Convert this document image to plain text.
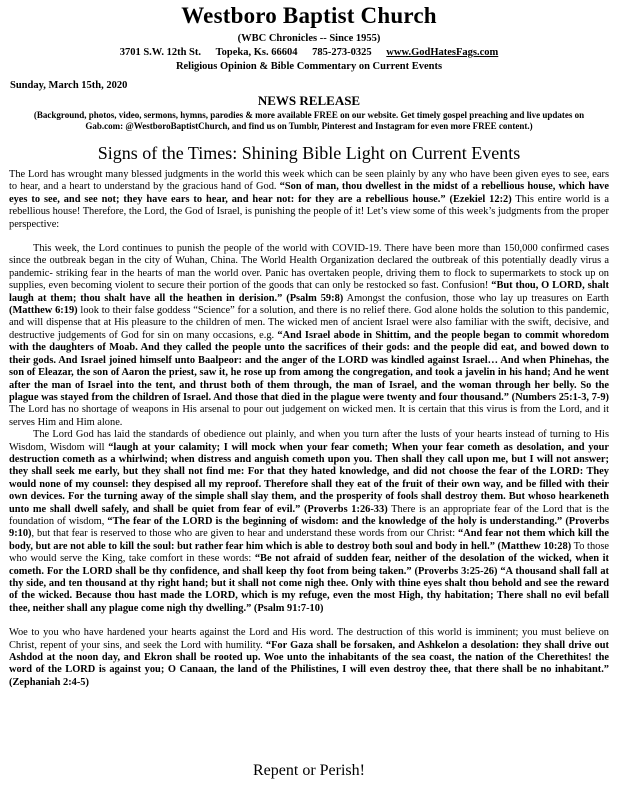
Westboro Baptist Church
(WBC Chronicles -- Since 1955)
3701 S.W. 12th St. Topeka, Ks. 66604 785-273-0325 www.GodHatesFags.com
Religious Opinion & Bible Commentary on Current Events
Sunday, March 15th, 2020
NEWS RELEASE
(Background, photos, video, sermons, hymns, parodies & more available FREE on our website. Get timely gospel preaching and live updates on Gab.com: @WestboroBaptistChurch, and find us on Tumblr, Pinterest and Instagram for even more FREE content.)
Signs of the Times: Shining Bible Light on Current Events

The Lord has wrought many blessed judgments in the world this week which can be seen plainly by any who have been given eyes to see, ears to hear, and a heart to understand by the gracious hand of God. “Son of man, thou dwellest in the midst of a rebellious house, which have eyes to see, and see not; they have ears to hear, and hear not: for they are a rebellious house.” (Ezekiel 12:2) This entire world is a rebellious house! Therefore, the Lord, the God of Israel, is punishing the people of it! Let’s view some of this week’s judgments from the proper perspective:

This week, the Lord continues to punish the people of the world with COVID-19. There have been more than 150,000 confirmed cases since the outbreak began in the city of Wuhan, China. The World Health Organization declared the outbreak of this potentially deadly virus a pandemic- striking fear in the hearts of man the world over. Panic has overtaken people, driving them to flock to supermarkets to stock up on supplies, even becoming violent to secure their portion of the goods that can only be restocked so fast. Confusion! “But thou, O LORD, shalt laugh at them; thou shalt have all the heathen in derision.” (Psalm 59:8) Amongst the confusion, those who lay up treasures on Earth (Matthew 6:19) look to their false goddess “Science” for a solution, and there is no relief there. God alone holds the solution to this pandemic, and will dispense that at His pleasure to the children of men. The wicked men of ancient Israel were also familiar with the swift, decisive, and destructive judgements of God for sin on many occasions, e.g. “And Israel abode in Shittim, and the people began to commit whoredom with the daughters of Moab. And they called the people unto the sacrifices of their gods: and the people did eat, and bowed down to their gods. And Israel joined himself unto Baalpeor: and the anger of the LORD was kindled against Israel… And when Phinehas, the son of Eleazar, the son of Aaron the priest, saw it, he rose up from among the congregation, and took a javelin in his hand; And he went after the man of Israel into the tent, and thrust both of them through, the man of Israel, and the woman through her belly. So the plague was stayed from the children of Israel. And those that died in the plague were twenty and four thousand.” (Numbers 25:1-3, 7-9) The Lord has no shortage of weapons in His arsenal to pour out judgement on wicked men. It is certain that this virus is from the Lord, and it serves Him and Him alone.

The Lord God has laid the standards of obedience out plainly, and when you turn after the lusts of your hearts instead of turning to His Wisdom, Wisdom will “laugh at your calamity; I will mock when your fear cometh; When your fear cometh as desolation, and your destruction cometh as a whirlwind; when distress and anguish cometh upon you. Then shall they call upon me, but I will not answer; they shall seek me early, but they shall not find me: For that they hated knowledge, and did not choose the fear of the LORD: They would none of my counsel: they despised all my reproof. Therefore shall they eat of the fruit of their own way, and be filled with their own devices. For the turning away of the simple shall slay them, and the prosperity of fools shall destroy them. But whoso hearkeneth unto me shall dwell safely, and shall be quiet from fear of evil.” (Proverbs 1:26-33) There is an appropriate fear of the Lord that is the foundation of wisdom, “The fear of the LORD is the beginning of wisdom: and the knowledge of the holy is understanding.” (Proverbs 9:10), but that fear is reserved to those who are given to hear and understand these words from our Christ: “And fear not them which kill the body, but are not able to kill the soul: but rather fear him which is able to destroy both soul and body in hell.” (Matthew 10:28) To those who would serve the King, take comfort in these words: “Be not afraid of sudden fear, neither of the desolation of the wicked, when it cometh. For the LORD shall be thy confidence, and shall keep thy foot from being taken.” (Proverbs 3:25-26) “A thousand shall fall at thy side, and ten thousand at thy right hand; but it shall not come nigh thee. Only with thine eyes shalt thou behold and see the reward of the wicked. Because thou hast made the LORD, which is my refuge, even the most High, thy habitation; There shall no evil befall thee, neither shall any plague come nigh thy dwelling.” (Psalm 91:7-10)

Woe to you who have hardened your hearts against the Lord and His word. The destruction of this world is imminent; you must believe on Christ, repent of your sins, and seek the Lord with humility. “For Gaza shall be forsaken, and Ashkelon a desolation: they shall drive out Ashdod at the noon day, and Ekron shall be rooted up. Woe unto the inhabitants of the sea coast, the nation of the Cherethites! the word of the LORD is against you; O Canaan, the land of the Philistines, I will even destroy thee, that there shall be no inhabitant.” (Zephaniah 2:4-5)

Repent or Perish!
